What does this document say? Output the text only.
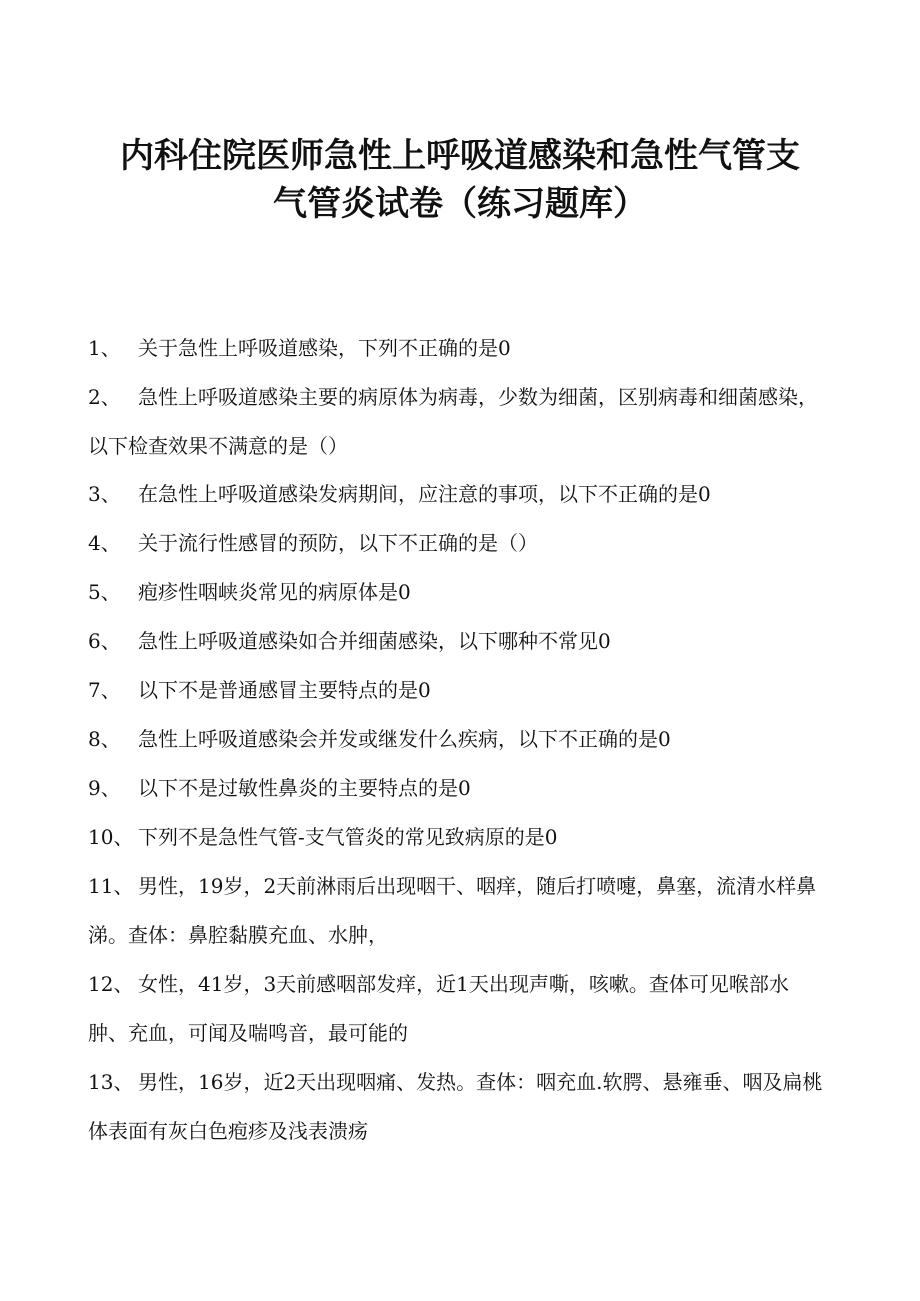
内科住院医师急性上呼吸道感染和急性气管支
气管炎试卷（练习题库）
1、 关于急性上呼吸道感染，下列不正确的是0
2、 急性上呼吸道感染主要的病原体为病毒，少数为细菌，区别病毒和细菌感染，以下检查效果不满意的是（）
3、 在急性上呼吸道感染发病期间，应注意的事项，以下不正确的是0
4、 关于流行性感冒的预防，以下不正确的是（）
5、 疱疹性咽峡炎常见的病原体是0
6、 急性上呼吸道感染如合并细菌感染，以下哪种不常见0
7、 以下不是普通感冒主要特点的是0
8、 急性上呼吸道感染会并发或继发什么疾病，以下不正确的是0
9、 以下不是过敏性鼻炎的主要特点的是0
10、 下列不是急性气管-支气管炎的常见致病原的是0
11、 男性，19岁，2天前淋雨后出现咽干、咽痒，随后打喷嚏，鼻塞，流清水样鼻涕。查体：鼻腔黏膜充血、水肿，
12、 女性，41岁，3天前感咽部发痒，近1天出现声嘶，咳嗽。查体可见喉部水肿、充血，可闻及喘鸣音，最可能的
13、 男性，16岁，近2天出现咽痛、发热。查体：咽充血.软腭、悬雍垂、咽及扁桃体表面有灰白色疱疹及浅表溃疡
